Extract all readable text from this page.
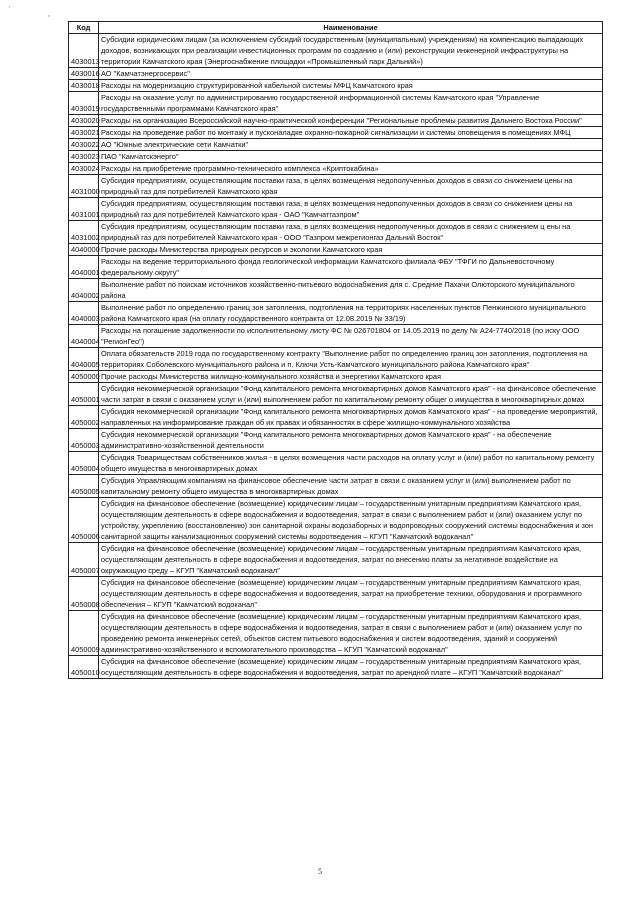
`
'
Код	Наименование
4030013	Субсидии юридическим лицам (за исключением субсидий государственным (муниципальным) учреждениям) на компенсацию выпадающих доходов, возникающих при реализации инвестиционных программ по созданию и (или) реконструкции инженерной инфраструктуры на территории Камчатского края (Энергоснабжение площадки «Промышленный парк Дальний»)
4030016	АО "Камчатэнергосервис"
4030018	Расходы на модернизацию структурированной кабельной системы МФЦ Камчатского края
4030019	Расходы на оказание услуг по администрированию государственной информационной системы Камчатского края "Управление государственными программами Камчатского края"
4030020	Расходы на организацию Всероссийской научно-практической конференции "Региональные проблемы развития Дальнего Востока России"
4030021	Расходы на проведение работ по монтажу и пусконаладке охранно-пожарной сигнализации и системы оповещения в помещениях МФЦ
4030022	АО "Южные электрические сети Камчатки"
4030023	ПАО "Камчатскэнерго"
4030024	Расходы на приобретение программно-технического комплекса «Криптокабина»
4031000	Субсидия предприятиям, осуществляющим поставки газа, в целях возмещения недополученных доходов в связи со снижением цены на природный газ для потребителей Камчатского края
4031001	Субсидия предприятиям, осуществляющим поставки газа, в целях возмещения недополученных доходов в связи со снижением цены на природный газ для потребителей Камчатского края - ОАО "Камчатгазпром"
4031002	Субсидия предприятиям, осуществляющим поставки газа, в целях возмещения недополученных доходов в связи с снижением ц ены на природный газ для потребителей Камчатского края - ООО "Газпром межрегионгаз Дальний Восток"
4040000	Прочие расходы Министерства природных ресурсов и экологии Камчатского края
4040001	Расходы на ведение территориального фонда геологической информации Камчатского филиала ФБУ "ТФГИ по Дальневосточному федеральному округу"
4040002	Выполнение работ по поискам источников хозяйственно-питьевого водоснабжения для с. Средние Пахачи Олюторского муниципального района
4040003	Выполнение работ по определению границ зон затопления, подтопления на территориях населенных пунктов Пенжинского муниципального района Камчатского края (на оплату государственного контракта от 12.08.2019 № 33/19)
4040004	Расходы на погашение задолженности по исполнительному листу ФС № 026701804 от 14.05.2019 по делу № А24-7740/2018 (по иску ООО "РегионГео")
4040005	Оплата обязательств 2019 года по государственному контракту "Выполнение работ по определению границ зон затопления, подтопления на территориях Соболевского муниципального района и п. Ключи Усть-Камчатского муниципального района Камчатского края"
4050000	Прочие расходы Министерства жилищно-коммунального хозяйства и энергетики Камчатского края
4050001	Субсидия некоммерческой организации "Фонд капитального ремонта многоквартирных домов Камчатского края" - на финансовое обеспечение части затрат в связи с оказанием услуг и (или) выполнением работ по капитальному ремонту общег о имущества в многоквартирных домах
4050002	Субсидия некоммерческой организации "Фонд капитального ремонта многоквартирных домов Камчатского края" - на проведение мероприятий, направленных на информирование граждан об их правах и обязанностях в сфере жилищно-коммунального хозяйства
4050003	Субсидия некоммерческой организации "Фонд капитального ремонта многоквартирных домов Камчатского края" - на обеспечение административно-хозяйственной деятельности
4050004	Субсидия Товариществам собственников жилья - в целях возмещения части расходов на оплату услуг и (или) работ по капитальному ремонту общего имущества в многоквартирных домах
4050005	Субсидия Управляющим компаниям на финансовое обеспечение части затрат в связи с оказанием услуг и (или) выполнением работ по капитальному ремонту общего имущества в многоквартирных домах
4050006	Субсидия на финансовое обеспечение (возмещение) юридическим лицам – государственным унитарным предприятиям Камчатского края, осуществляющим деятельность в сфере водоснабжения и водоотведения, затрат в связи с выполнением работ и (или) оказанием услуг по устройству, укреплению (восстановлению) зон санитарной охраны водозаборных и водопроводных сооружений системы водоснабжения и зон санитарной защиты канализационных сооружений системы водоотведения – КГУП "Камчатский водоканал"
4050007	Субсидия на финансовое обеспечение (возмещение) юридическим лицам – государственным унитарным предприятиям Камчатского края, осуществляющим деятельность в сфере водоснабжения и водоотведения, затрат по внесению платы за негативное воздействие на окружающую среду – КГУП "Камчатский водоканал"
4050008	Субсидия на финансовое обеспечение (возмещение) юридическим лицам – государственным унитарным предприятиям Камчатского края, осуществляющим деятельность в сфере водоснабжения и водоотведения, затрат на приобретение техники, оборудования и программного обеспечения – КГУП "Камчатский водоканал"
4050009	Субсидия на финансовое обеспечение (возмещение) юридическим лицам – государственным унитарным предприятиям Камчатского края, осуществляющим деятельность в сфере водоснабжения и водоотведения, затрат в связи с выполнением работ и (или) оказанием услуг по проведению ремонта инженерных сетей, объектов систем питьевого водоснабжения и систем водоотведения, зданий и сооружений административно-хозяйственного и вспомогательного производства – КГУП "Камчатский водоканал"
4050010	Субсидия на финансовое обеспечение (возмещение) юридическим лицам – государственным унитарным предприятиям Камчатского края, осуществляющим деятельность в сфере водоснабжения и водоотведения, затрат по арендной плате – КГУП "Камчатский водоканал"
5
